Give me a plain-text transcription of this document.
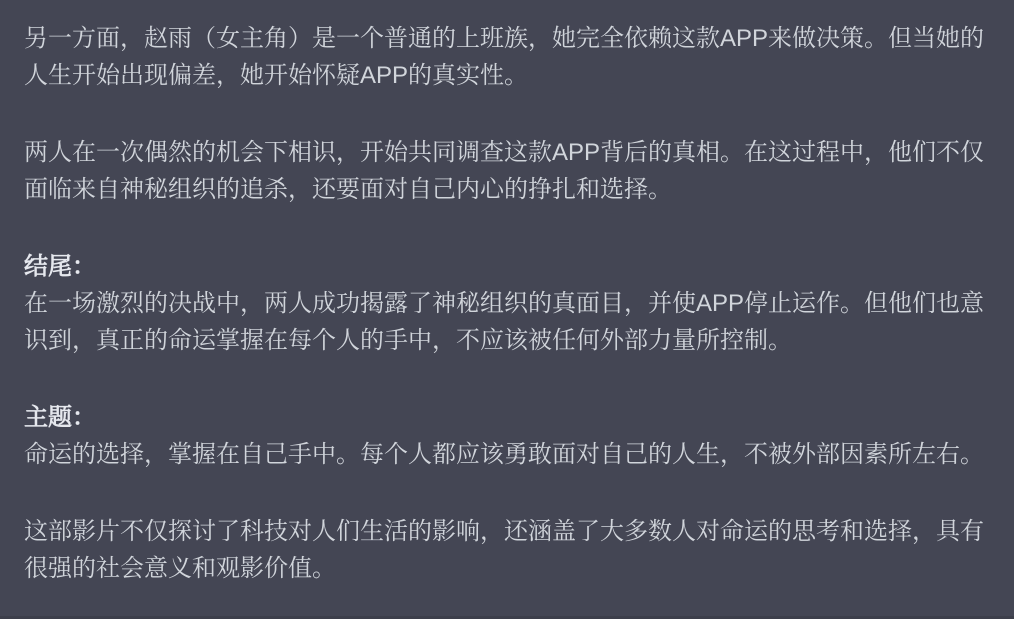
另一方面，赵雨（女主角）是一个普通的上班族，她完全依赖这款APP来做决策。但当她的人生开始出现偏差，她开始怀疑APP的真实性。

两人在一次偶然的机会下相识，开始共同调查这款APP背后的真相。在这过程中，他们不仅面临来自神秘组织的追杀，还要面对自己内心的挣扎和选择。

结尾：
在一场激烈的决战中，两人成功揭露了神秘组织的真面目，并使APP停止运作。但他们也意识到，真正的命运掌握在每个人的手中，不应该被任何外部力量所控制。

主题：
命运的选择，掌握在自己手中。每个人都应该勇敢面对自己的人生，不被外部因素所左右。

这部影片不仅探讨了科技对人们生活的影响，还涵盖了大多数人对命运的思考和选择，具有很强的社会意义和观影价值。
